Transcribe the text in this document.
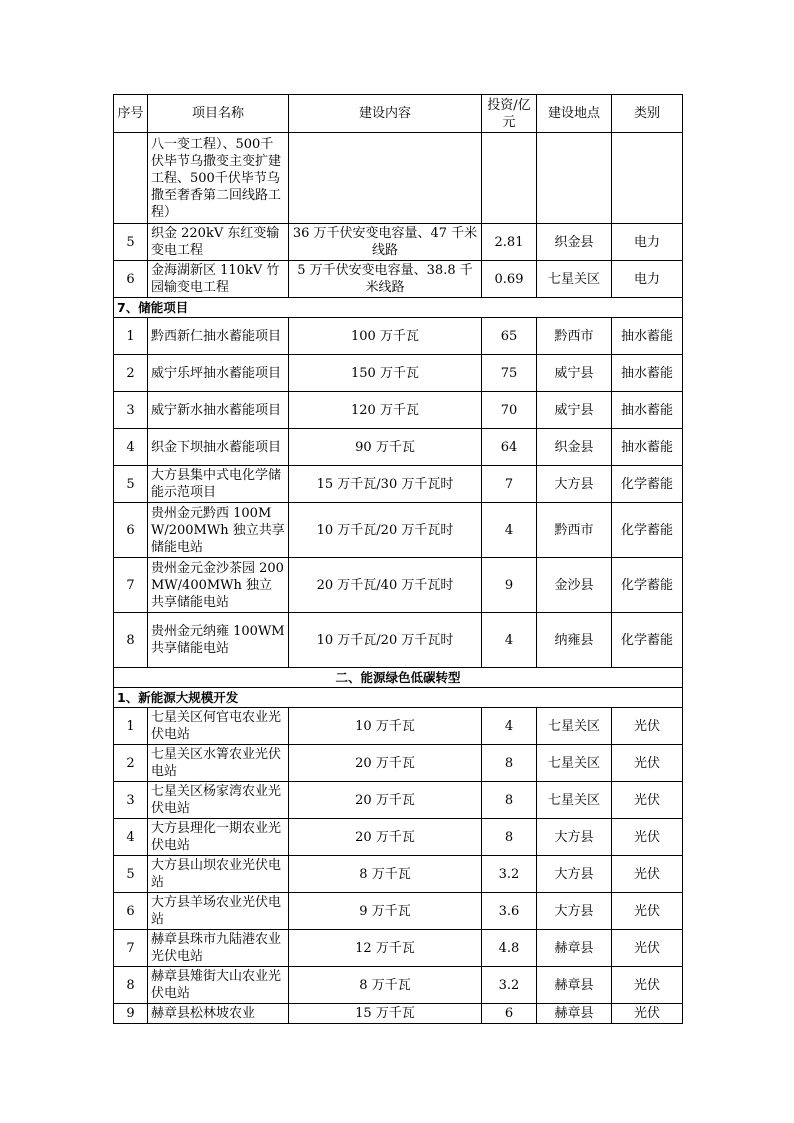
序号	项目名称	建设内容	投资/亿元	建设地点	类别
	八一变工程）、500千伏毕节乌撒变主变扩建工程、500千伏毕节乌撒至奢香第二回线路工程）				
5	织金 220kV 东红变输变电工程	36 万千伏安变电容量、47 千米线路	2.81	织金县	电力
6	金海湖新区 110kV 竹园输变电工程	5 万千伏安变电容量、38.8 千米线路	0.69	七星关区	电力
7、储能项目					
1	黔西新仁抽水蓄能项目	100 万千瓦	65	黔西市	抽水蓄能
2	威宁乐坪抽水蓄能项目	150 万千瓦	75	威宁县	抽水蓄能
3	威宁新水抽水蓄能项目	120 万千瓦	70	威宁县	抽水蓄能
4	织金下坝抽水蓄能项目	90 万千瓦	64	织金县	抽水蓄能
5	大方县集中式电化学储能示范项目	15 万千瓦/30 万千瓦时	7	大方县	化学蓄能
6	贵州金元黔西 100MW/200MWh 独立共享储能电站	10 万千瓦/20 万千瓦时	4	黔西市	化学蓄能
7	贵州金元金沙茶园 200MW/400MWh 独立共享储能电站	20 万千瓦/40 万千瓦时	9	金沙县	化学蓄能
8	贵州金元纳雍 100WM 共享储能电站	10 万千瓦/20 万千瓦时	4	纳雍县	化学蓄能
二、能源绿色低碳转型					
1、新能源大规模开发					
1	七星关区何官屯农业光伏电站	10 万千瓦	4	七星关区	光伏
2	七星关区水箐农业光伏电站	20 万千瓦	8	七星关区	光伏
3	七星关区杨家湾农业光伏电站	20 万千瓦	8	七星关区	光伏
4	大方县理化一期农业光伏电站	20 万千瓦	8	大方县	光伏
5	大方县山坝农业光伏电站	8 万千瓦	3.2	大方县	光伏
6	大方县羊场农业光伏电站	9 万千瓦	3.6	大方县	光伏
7	赫章县珠市九陆港农业光伏电站	12 万千瓦	4.8	赫章县	光伏
8	赫章县雉街大山农业光伏电站	8 万千瓦	3.2	赫章县	光伏
9	赫章县松林坡农业	15 万千瓦	6	赫章县	光伏
